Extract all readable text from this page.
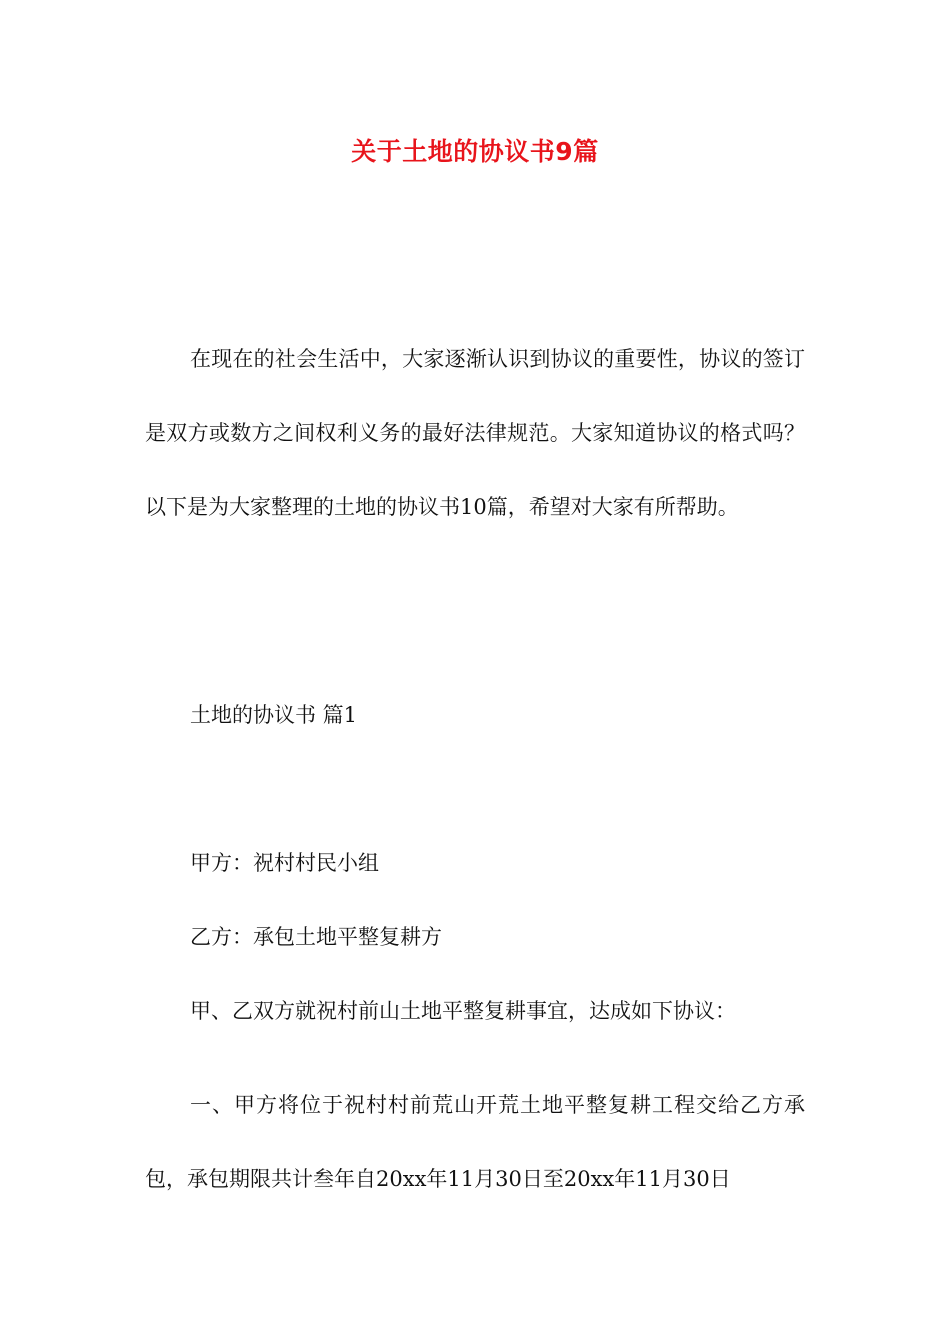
关于土地的协议书9篇

在现在的社会生活中，大家逐渐认识到协议的重要性，协议的签订是双方或数方之间权利义务的最好法律规范。大家知道协议的格式吗？以下是为大家整理的土地的协议书10篇，希望对大家有所帮助。

土地的协议书 篇1

甲方：祝村村民小组

乙方：承包土地平整复耕方

甲、乙双方就祝村前山土地平整复耕事宜，达成如下协议：

一、甲方将位于祝村村前荒山开荒土地平整复耕工程交给乙方承包，承包期限共计叁年自20xx年11月30日至20xx年11月30日
